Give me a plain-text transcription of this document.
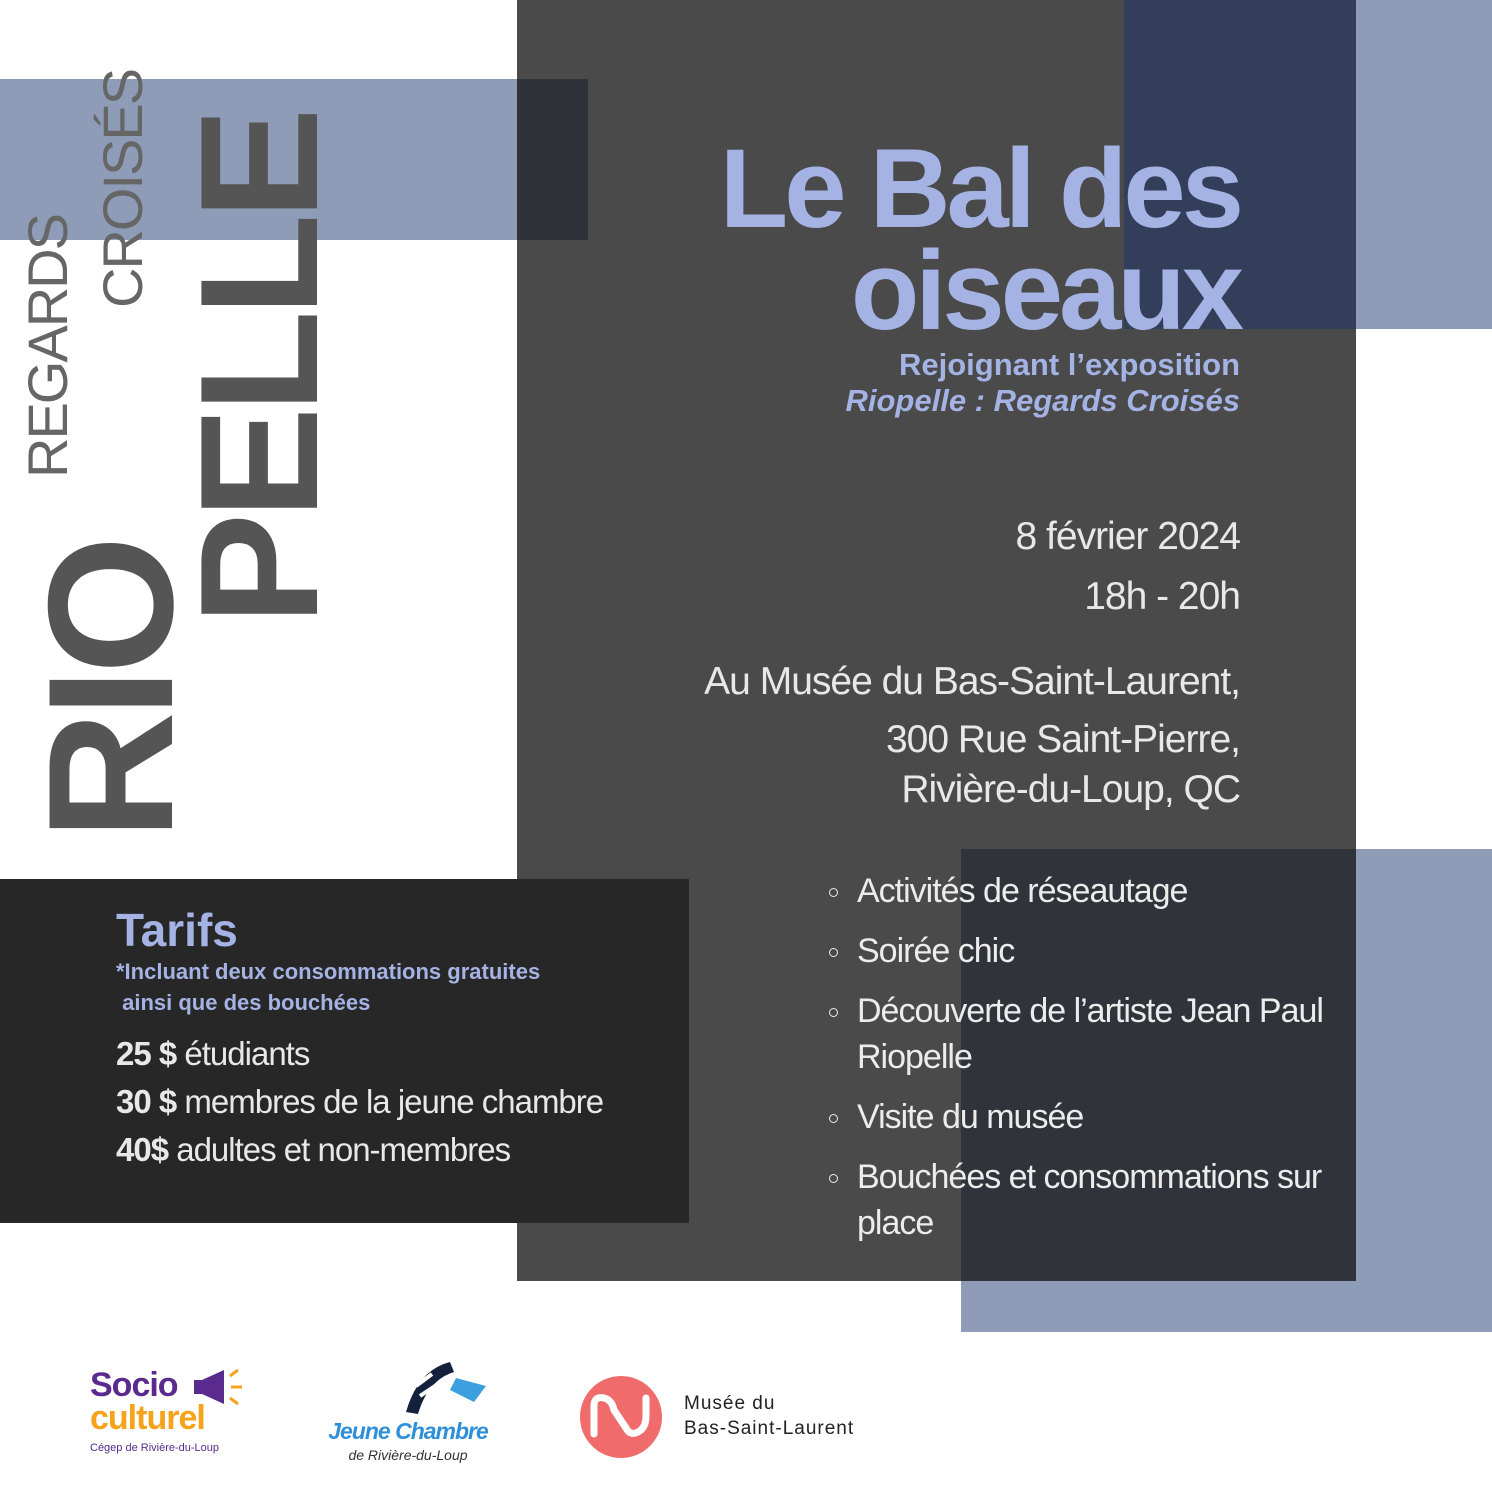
RIO
PELLE
REGARDS
CROISÉS	Le Bal des
oiseaux
Rejoignant l’exposition
Riopelle : Regards Croisés
8 février 2024
18h - 20h
Au Musée du Bas-Saint-Laurent,
300 Rue Saint-Pierre,
Rivière-du-Loup, QC
Activités de réseautage
Soirée chic
Découverte de l’artiste Jean Paul Riopelle
Visite du musée
Bouchées et consommations sur place
Tarifs
*Incluant deux consommations gratuites
ainsi que des bouchées
25 $ étudiants
30 $ membres de la jeune chambre
40$ adultes et non-membres
Socio
culturel
Cégep de Rivière-du-Loup
Jeune Chambre
de Rivière-du-Loup
Musée du
Bas-Saint-Laurent
